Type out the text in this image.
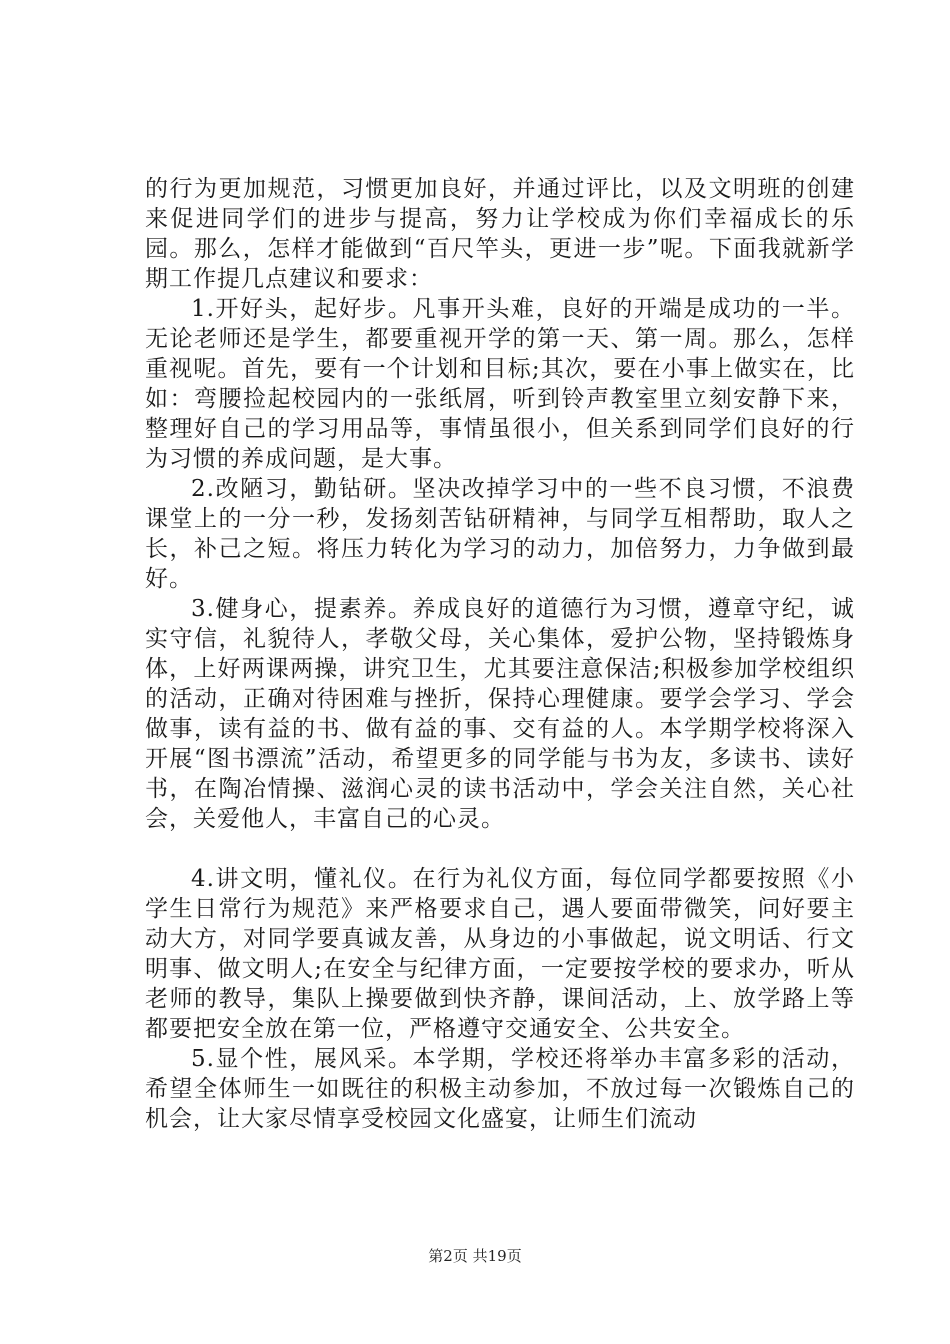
的行为更加规范，习惯更加良好，并通过评比，以及文明班的创建来促进同学们的进步与提高，努力让学校成为你们幸福成长的乐园。那么，怎样才能做到“百尺竿头，更进一步”呢。下面我就新学期工作提几点建议和要求：

1.开好头，起好步。凡事开头难，良好的开端是成功的一半。无论老师还是学生，都要重视开学的第一天、第一周。那么，怎样重视呢。首先，要有一个计划和目标;其次，要在小事上做实在，比如：弯腰捡起校园内的一张纸屑，听到铃声教室里立刻安静下来，整理好自己的学习用品等，事情虽很小，但关系到同学们良好的行为习惯的养成问题，是大事。

2.改陋习，勤钻研。坚决改掉学习中的一些不良习惯，不浪费课堂上的一分一秒，发扬刻苦钻研精神，与同学互相帮助，取人之长，补己之短。将压力转化为学习的动力，加倍努力，力争做到最好。

3.健身心，提素养。养成良好的道德行为习惯，遵章守纪，诚实守信，礼貌待人，孝敬父母，关心集体，爱护公物，坚持锻炼身体，上好两课两操，讲究卫生，尤其要注意保洁;积极参加学校组织的活动，正确对待困难与挫折，保持心理健康。要学会学习、学会做事，读有益的书、做有益的事、交有益的人。本学期学校将深入开展“图书漂流”活动，希望更多的同学能与书为友，多读书、读好书，在陶冶情操、滋润心灵的读书活动中，学会关注自然，关心社会，关爱他人，丰富自己的心灵。

4.讲文明，懂礼仪。在行为礼仪方面，每位同学都要按照《小学生日常行为规范》来严格要求自己，遇人要面带微笑，问好要主动大方，对同学要真诚友善，从身边的小事做起，说文明话、行文明事、做文明人;在安全与纪律方面，一定要按学校的要求办，听从老师的教导，集队上操要做到快齐静，课间活动，上、放学路上等都要把安全放在第一位，严格遵守交通安全、公共安全。

5.显个性，展风采。本学期，学校还将举办丰富多彩的活动，希望全体师生一如既往的积极主动参加，不放过每一次锻炼自己的机会，让大家尽情享受校园文化盛宴，让师生们流动

第2页 共19页
